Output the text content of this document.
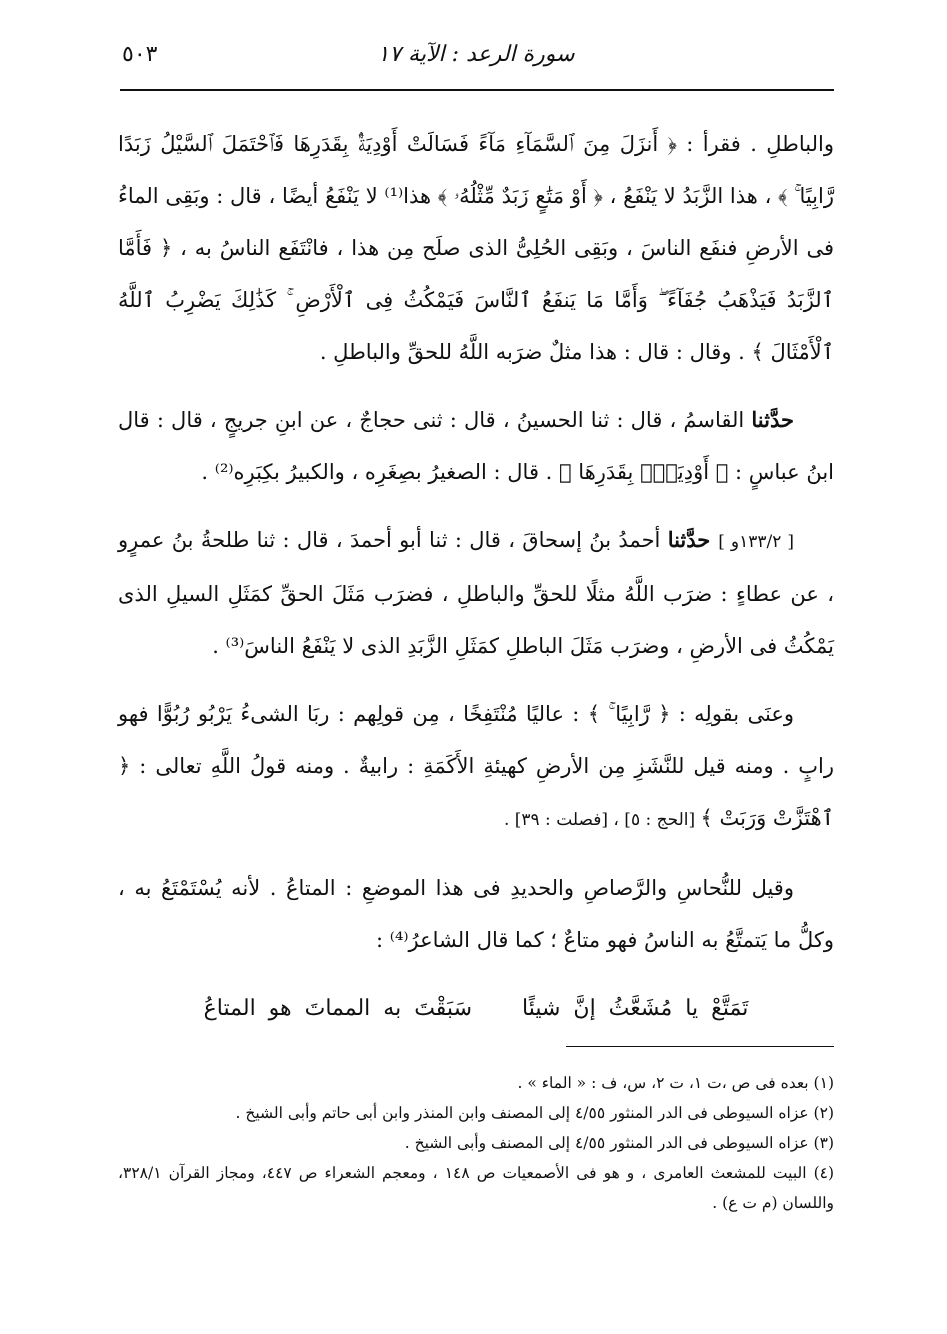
سورة الرعد : الآية ١٧
٥٠٣

والباطلِ . فقرأ : ﴿ أَنزَلَ مِنَ ٱلسَّمَآءِ مَآءً فَسَالَتْ أَوْدِيَةٌۢ بِقَدَرِهَا فَٱحْتَمَلَ ٱلسَّيْلُ زَبَدًا رَّابِيًا ۚ ﴾ ، هذا الزَّبَدُ لا يَنْفَعُ ، ﴿ أَوْ مَتَٰعٍ زَبَدٌ مِّثْلُهُۥ ﴾ هذا⁽¹⁾ لا يَنْفَعُ أيضًا ، قال : وبَقِى الماءُ فى الأرضِ فنفَع الناسَ ، وبَقِى الحُلِىُّ الذى صلَح مِن هذا ، فانْتَفَع الناسُ به ، ﴿ فَأَمَّا ٱلزَّبَدُ فَيَذْهَبُ جُفَآءً ۖ وَأَمَّا مَا يَنفَعُ ٱلنَّاسَ فَيَمْكُثُ فِى ٱلْأَرْضِ ۚ كَذَٰلِكَ يَضْرِبُ ٱللَّهُ ٱلْأَمْثَالَ ﴾ . وقال : قال : هذا مثلٌ ضرَبه اللَّهُ للحقِّ والباطلِ .

حدَّثنا القاسمُ ، قال : ثنا الحسينُ ، قال : ثنى حجاجٌ ، عن ابنِ جريجٍ ، قال : قال ابنُ عباسٍ : ﴿ أَوْدِيَةٌۢ بِقَدَرِهَا ﴾ . قال : الصغيرُ بصِغَرِه ، والكبيرُ بكِبَرِه⁽²⁾ .

[ ١٣٣/٢و ] حدَّثنا أحمدُ بنُ إسحاقَ ، قال : ثنا أبو أحمدَ ، قال : ثنا طلحةُ بنُ عمرٍو ، عن عطاءٍ : ضرَب اللَّهُ مثلًا للحقِّ والباطلِ ، فضرَب مَثَلَ الحقِّ كمَثَلِ السيلِ الذى يَمْكُثُ فى الأرضِ ، وضرَب مَثَلَ الباطلِ كمَثَلِ الزَّبَدِ الذى لا يَنْفَعُ الناسَ⁽³⁾ .

وعنَى بقولِه : ﴿ رَّابِيًا ۚ ﴾ : عاليًا مُنْتَفِخًا ، مِن قولِهم : ربَا الشىءُ يَرْبُو رُبُوًّا فهو رابٍ . ومنه قيل للنَّشَزِ مِن الأرضِ كهيئةِ الأَكَمَةِ : رابيةٌ . ومنه قولُ اللَّهِ تعالى : ﴿ ٱهْتَزَّتْ وَرَبَتْ ﴾ [الحج : ٥] ، [فصلت : ٣٩] .

وقيل للنُّحاسِ والرَّصاصِ والحديدِ فى هذا الموضعِ : المتاعُ . لأنه يُسْتَمْتَعُ به ، وكلُّ ما يَتمتَّعُ به الناسُ فهو متاعٌ ؛ كما قال الشاعرُ⁽⁴⁾ :

تَمَتَّعْ يا مُشَعَّثُ إنَّ شيئًاسَبَقْتَ به المماتَ هو المتاعُ

(١) بعده فى ص ،ت ١، ت ٢، س، ف : « الماء » .

(٢) عزاه السيوطى فى الدر المنثور ٤/٥٥ إلى المصنف وابن المنذر وابن أبى حاتم وأبى الشيخ .

(٣) عزاه السيوطى فى الدر المنثور ٤/٥٥ إلى المصنف وأبى الشيخ .

(٤) البيت للمشعث العامرى ، و هو فى الأصمعيات ص ١٤٨ ، ومعجم الشعراء ص ٤٤٧، ومجاز القرآن ٣٢٨/١، واللسان (م ت ع) .
